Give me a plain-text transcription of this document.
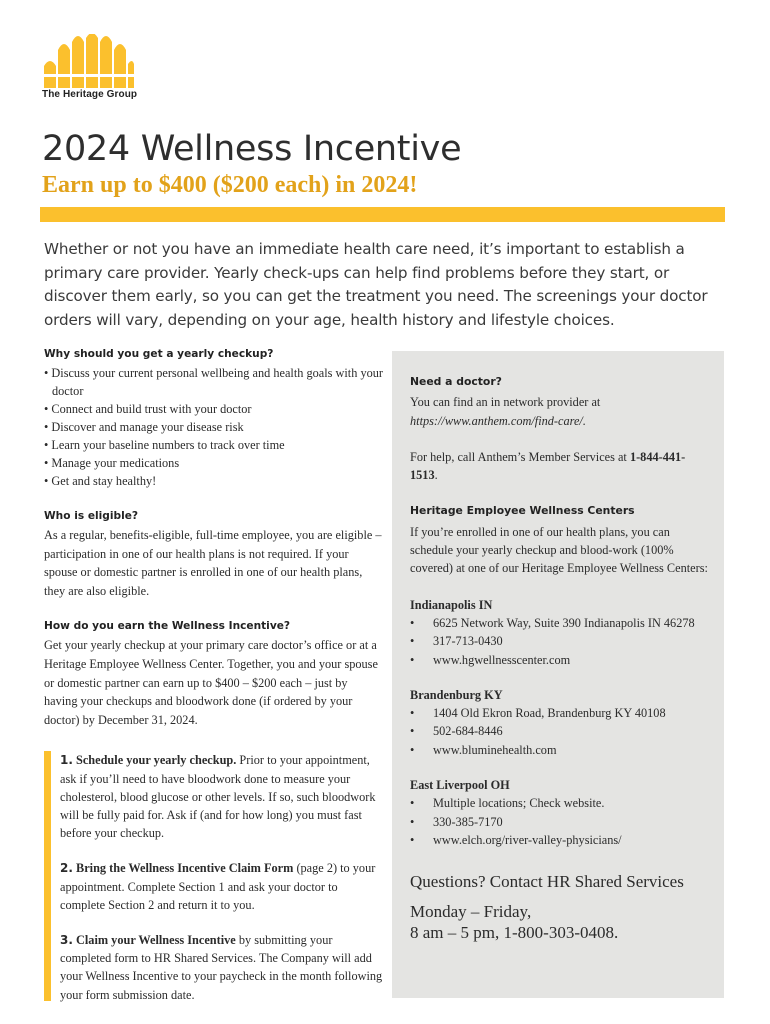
The Heritage Group
2024 Wellness Incentive
Earn up to $400 ($200 each) in 2024!

Whether or not you have an immediate health care need, it’s important to establish a primary care provider. Yearly check-ups can help find problems before they start, or discover them early, so you can get the treatment you need. The screenings your doctor orders will vary, depending on your age, health history and lifestyle choices.

Why should you get a yearly checkup?
• Discuss your current personal wellbeing and health goals with your doctor
• Connect and build trust with your doctor
• Discover and manage your disease risk
• Learn your baseline numbers to track over time
• Manage your medications
• Get and stay healthy!
Who is eligible?

As a regular, benefits-eligible, full-time employee, you are eligible – participation in one of our health plans is not required. If your spouse or domestic partner is enrolled in one of our health plans, they are also eligible.

How do you earn the Wellness Incentive?

Get your yearly checkup at your primary care doctor’s office or at a Heritage Employee Wellness Center. Together, you and your spouse or domestic partner can earn up to $400 – $200 each – just by having your checkups and bloodwork done (if ordered by your doctor) by December 31, 2024.

1. Schedule your yearly checkup. Prior to your appointment, ask if you’ll need to have bloodwork done to measure your cholesterol, blood glucose or other levels. If so, such bloodwork will be fully paid for. Ask if (and for how long) you must fast before your checkup.

2. Bring the Wellness Incentive Claim Form (page 2) to your appointment. Complete Section 1 and ask your doctor to complete Section 2 and return it to you.

3. Claim your Wellness Incentive by submitting your completed form to HR Shared Services. The Company will add your Wellness Incentive to your paycheck in the month following your form submission date.

Need a doctor?

You can find an in network provider at

https://www.anthem.com/find-care/.

For help, call Anthem’s Member Services at 1-844-441-1513.

Heritage Employee Wellness Centers

If you’re enrolled in one of our health plans, you can schedule your yearly checkup and blood-work (100% covered) at one of our Heritage Employee Wellness Centers:

Indianapolis IN

• 6625 Network Way, Suite 390 Indianapolis IN 46278
• 317-713-0430
• www.hgwellnesscenter.com

Brandenburg KY

• 1404 Old Ekron Road, Brandenburg KY 40108
• 502-684-8446
• www.bluminehealth.com

East Liverpool OH

• Multiple locations; Check website.
• 330-385-7170
• www.elch.org/river-valley-physicians/

Questions? Contact HR Shared Services

Monday – Friday,

8 am – 5 pm, 1-800-303-0408.
